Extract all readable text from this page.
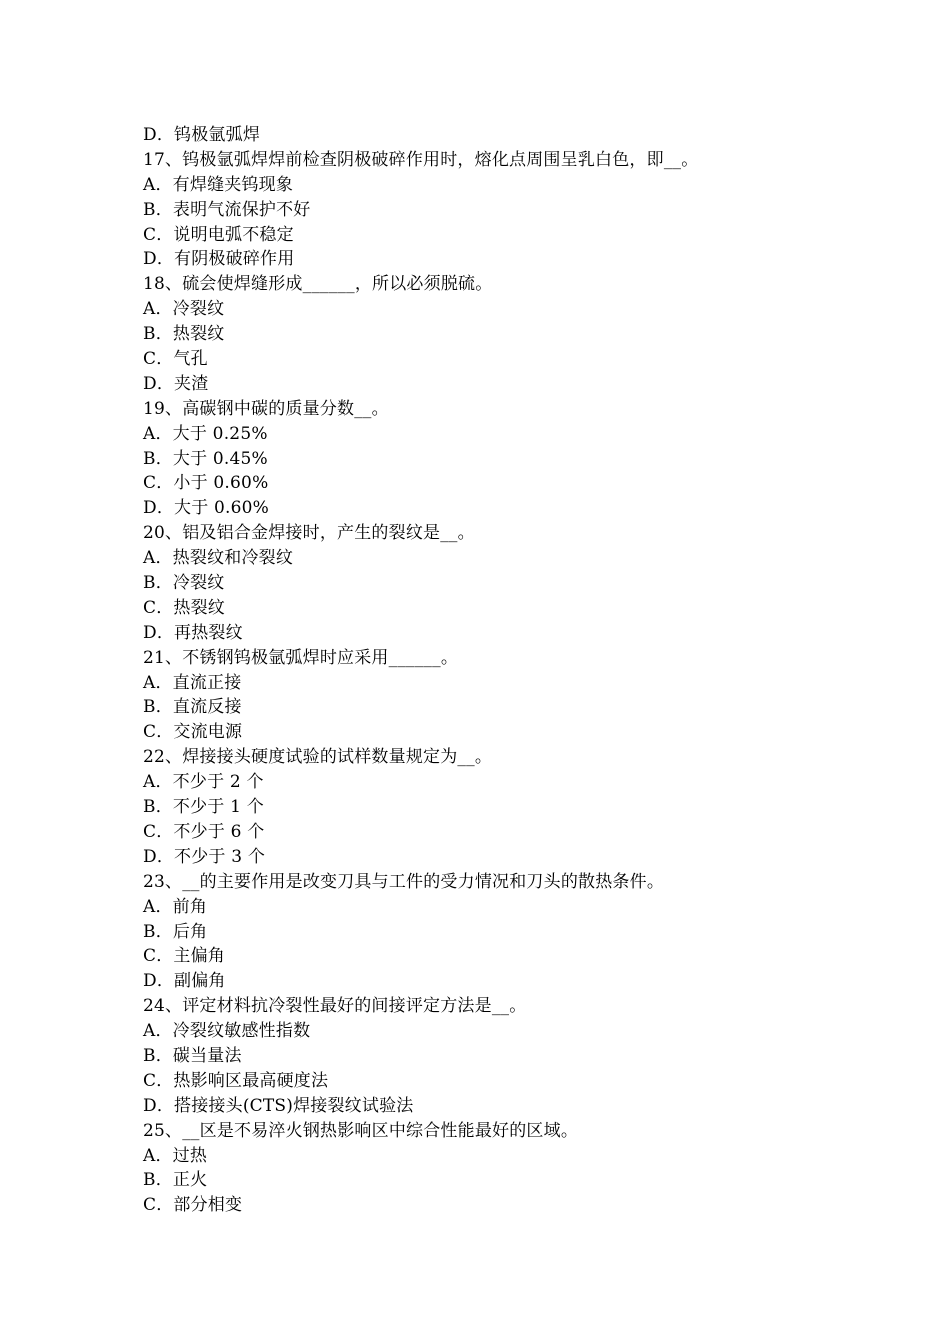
D．钨极氩弧焊
17、钨极氩弧焊焊前检查阴极破碎作用时，熔化点周围呈乳白色，即__。
A．有焊缝夹钨现象
B．表明气流保护不好
C．说明电弧不稳定
D．有阴极破碎作用
18、硫会使焊缝形成______，所以必须脱硫。
A．冷裂纹
B．热裂纹
C．气孔
D．夹渣
19、高碳钢中碳的质量分数__。
A．大于 0.25%
B．大于 0.45%
C．小于 0.60%
D．大于 0.60%
20、铝及铝合金焊接时，产生的裂纹是__。
A．热裂纹和冷裂纹
B．冷裂纹
C．热裂纹
D．再热裂纹
21、不锈钢钨极氩弧焊时应采用______。
A．直流正接
B．直流反接
C．交流电源
22、焊接接头硬度试验的试样数量规定为__。
A．不少于 2 个
B．不少于 1 个
C．不少于 6 个
D．不少于 3 个
23、__的主要作用是改变刀具与工件的受力情况和刀头的散热条件。
A．前角
B．后角
C．主偏角
D．副偏角
24、评定材料抗冷裂性最好的间接评定方法是__。
A．冷裂纹敏感性指数
B．碳当量法
C．热影响区最高硬度法
D．搭接接头(CTS)焊接裂纹试验法
25、__区是不易淬火钢热影响区中综合性能最好的区域。
A．过热
B．正火
C．部分相变
